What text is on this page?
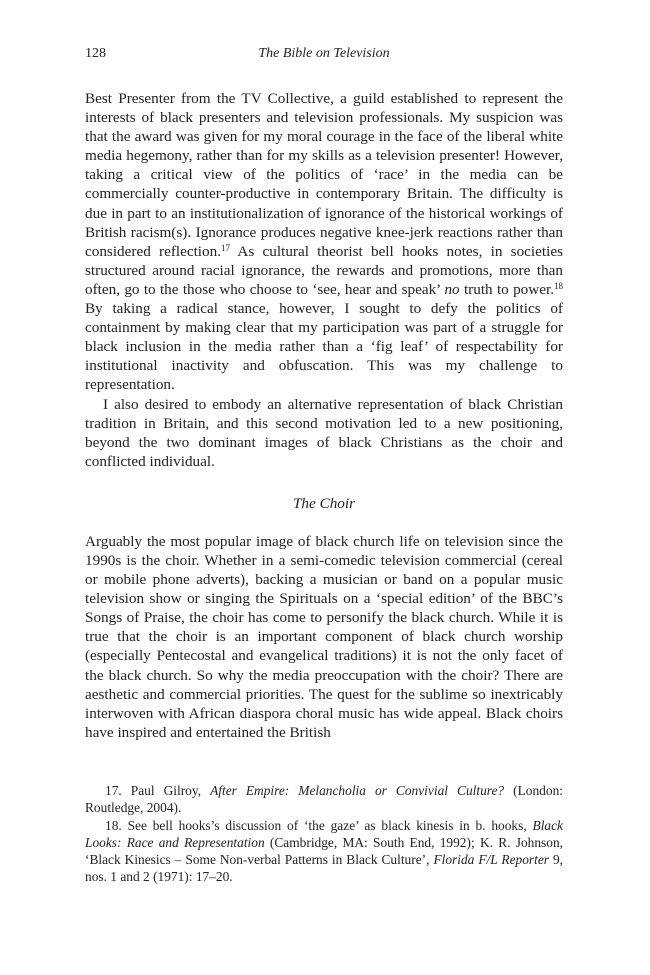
128	The Bible on Television

Best Presenter from the TV Collective, a guild established to represent the interests of black presenters and television professionals. My suspicion was that the award was given for my moral courage in the face of the liberal white media hegemony, rather than for my skills as a television presenter! However, taking a critical view of the politics of ‘race’ in the media can be commercially counter-productive in contemporary Britain. The difficulty is due in part to an institutionalization of ignorance of the historical workings of British racism(s). Ignorance produces negative knee-jerk reactions rather than considered reflection.$^{17}$ As cultural theorist bell hooks notes, in societies structured around racial ignorance, the rewards and promotions, more than often, go to the those who choose to ‘see, hear and speak’ no truth to power.$^{18}$ By taking a radical stance, however, I sought to defy the politics of containment by making clear that my participation was part of a struggle for black inclusion in the media rather than a ‘fig leaf’ of respectability for institutional inactivity and obfuscation. This was my challenge to representation.

I also desired to embody an alternative representation of black Christian tradition in Britain, and this second motivation led to a new positioning, beyond the two dominant images of black Christians as the choir and conflicted individual.

The Choir

Arguably the most popular image of black church life on television since the 1990s is the choir. Whether in a semi-comedic television commercial (cereal or mobile phone adverts), backing a musician or band on a popular music television show or singing the Spirituals on a ‘special edition’ of the BBC’s Songs of Praise, the choir has come to personify the black church. While it is true that the choir is an important component of black church worship (especially Pentecostal and evangelical traditions) it is not the only facet of the black church. So why the media preoccupation with the choir? There are aesthetic and commercial priorities. The quest for the sublime so inextricably interwoven with African diaspora choral music has wide appeal. Black choirs have inspired and entertained the British

17. Paul Gilroy, After Empire: Melancholia or Convivial Culture? (London: Routledge, 2004).

18. See bell hooks’s discussion of ‘the gaze’ as black kinesis in b. hooks, Black Looks: Race and Representation (Cambridge, MA: South End, 1992); K. R. Johnson, ‘Black Kinesics – Some Non-verbal Patterns in Black Culture’, Florida F/L Reporter 9, nos. 1 and 2 (1971): 17–20.
